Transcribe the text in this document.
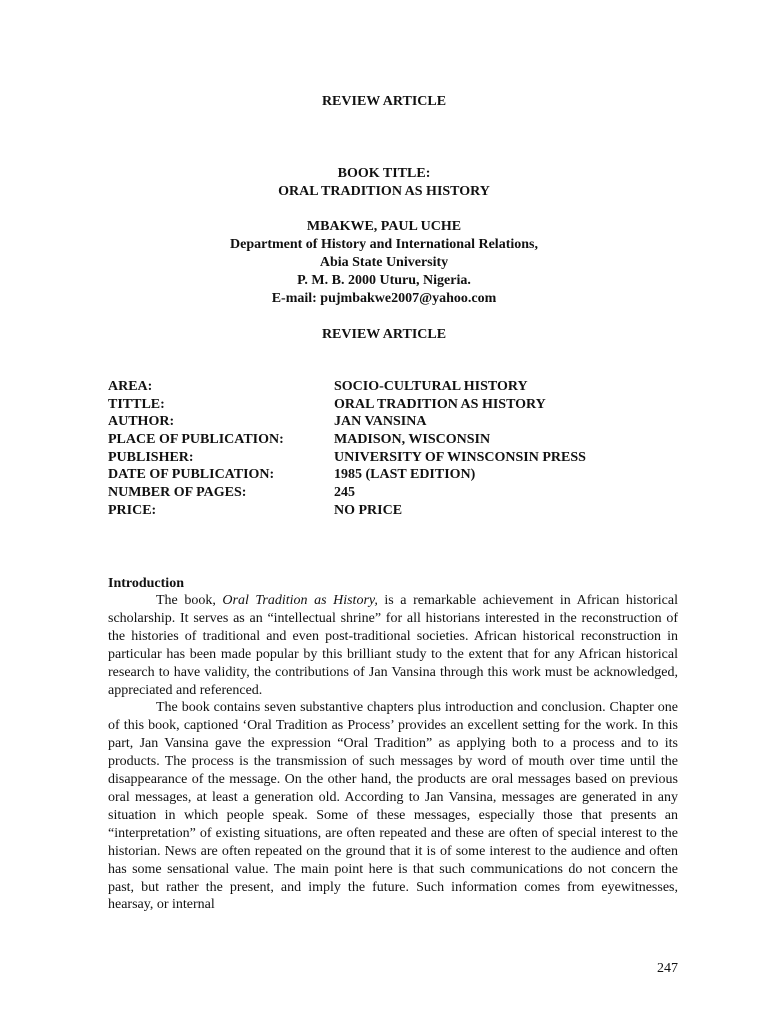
REVIEW ARTICLE
BOOK TITLE:
ORAL TRADITION AS HISTORY
MBAKWE, PAUL UCHE
Department of History and International Relations,
Abia State University
P. M. B. 2000 Uturu, Nigeria.
E-mail: pujmbakwe2007@yahoo.com
REVIEW ARTICLE
AREA:	SOCIO-CULTURAL HISTORY
TITTLE:	ORAL TRADITION AS HISTORY
AUTHOR:	JAN VANSINA
PLACE OF PUBLICATION:	MADISON, WISCONSIN
PUBLISHER:	UNIVERSITY OF WINSCONSIN PRESS
DATE OF PUBLICATION:	1985 (LAST EDITION)
NUMBER OF PAGES:	245
PRICE:	NO PRICE
Introduction

The book, Oral Tradition as History, is a remarkable achievement in African historical scholarship. It serves as an “intellectual shrine” for all historians interested in the reconstruction of the histories of traditional and even post-traditional societies. African historical reconstruction in particular has been made popular by this brilliant study to the extent that for any African historical research to have validity, the contributions of Jan Vansina through this work must be acknowledged, appreciated and referenced.

The book contains seven substantive chapters plus introduction and conclusion. Chapter one of this book, captioned ‘Oral Tradition as Process’ provides an excellent setting for the work. In this part, Jan Vansina gave the expression “Oral Tradition” as applying both to a process and to its products. The process is the transmission of such messages by word of mouth over time until the disappearance of the message. On the other hand, the products are oral messages based on previous oral messages, at least a generation old. According to Jan Vansina, messages are generated in any situation in which people speak. Some of these messages, especially those that presents an “interpretation” of existing situations, are often repeated and these are often of special interest to the historian. News are often repeated on the ground that it is of some interest to the audience and often has some sensational value. The main point here is that such communications do not concern the past, but rather the present, and imply the future. Such information comes from eyewitnesses, hearsay, or internal

247
